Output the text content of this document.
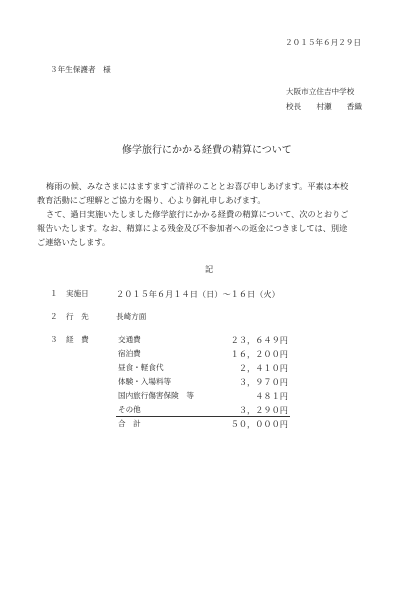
２０１５年６月２９日
３年生保護者　様
大阪市立住吉中学校
校長　　村瀬　　香織
修学旅行にかかる経費の精算について
梅雨の候、みなさまにはますますご清祥のこととお喜び申しあげます。平素は本校
教育活動にご理解とご協力を賜り、心より御礼申しあげます。
さて、過日実施いたしました修学旅行にかかる経費の精算について、次のとおりご
報告いたします。なお、精算による残金及び不参加者への返金につきましては、別途
ご連絡いたします。
記
１ 実施日	２０１５年６月１４日（日）〜１６日（火）
２ 行　先	長崎方面
３ 経　費	交通費	２３，６４９円
宿泊費	１６，２００円
昼食・軽食代	２，４１０円
体験・入場料等	３，９７０円
国内旅行傷害保険　等	４８１円
その他	３，２９０円
合　計	５０，０００円
